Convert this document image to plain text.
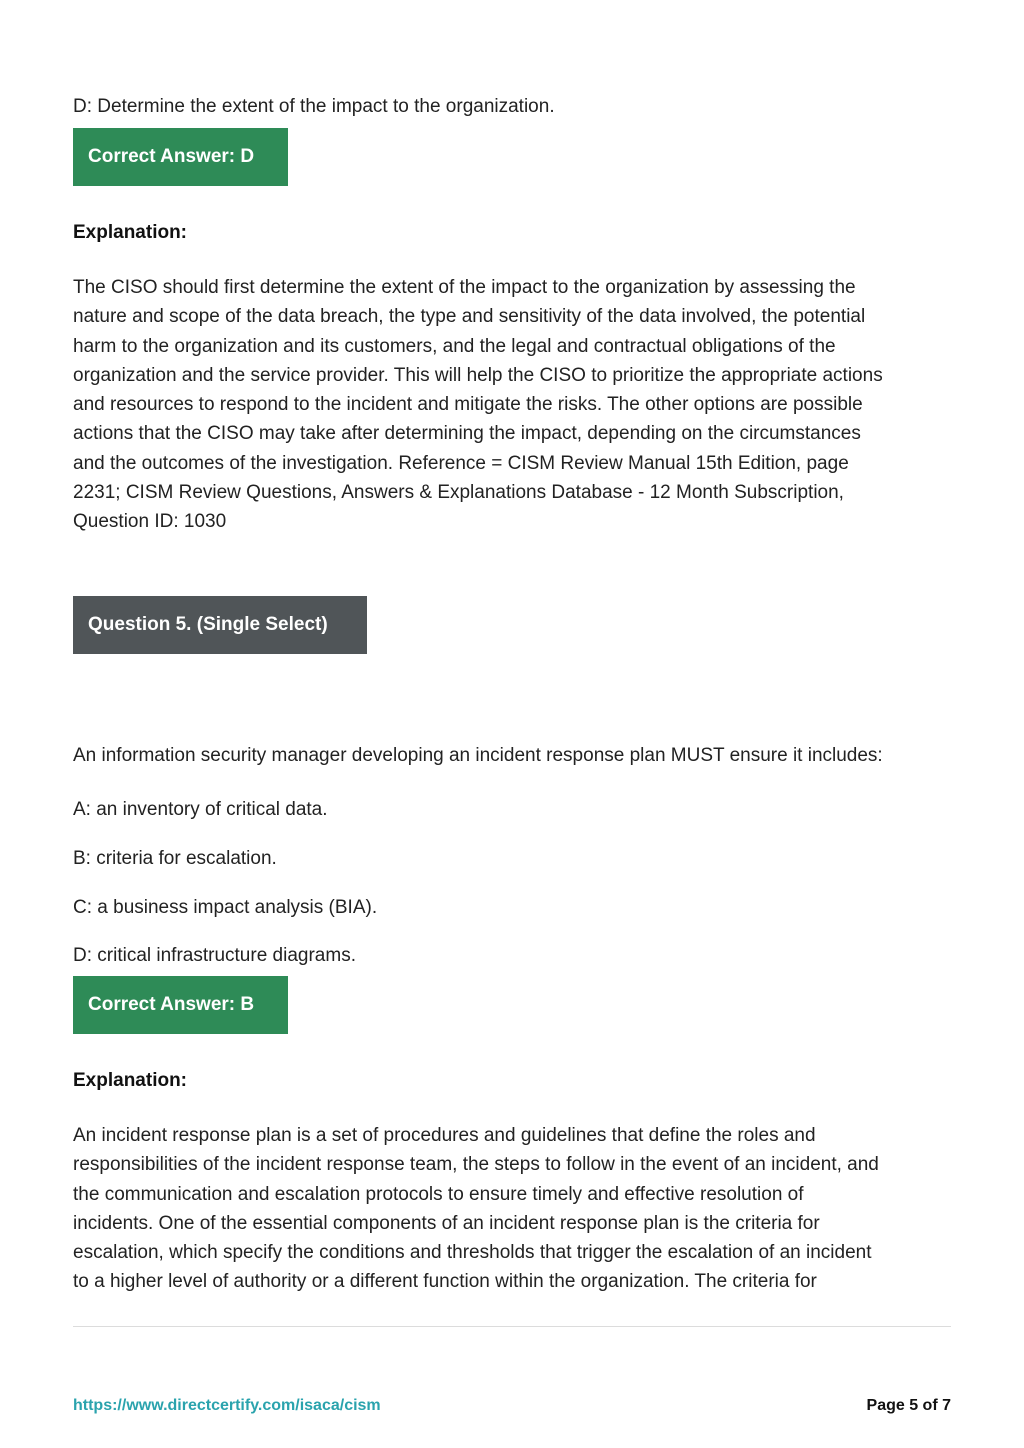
D: Determine the extent of the impact to the organization.
Correct Answer: D
Explanation:
The CISO should first determine the extent of the impact to the organization by assessing the
nature and scope of the data breach, the type and sensitivity of the data involved, the potential
harm to the organization and its customers, and the legal and contractual obligations of the
organization and the service provider. This will help the CISO to prioritize the appropriate actions
and resources to respond to the incident and mitigate the risks. The other options are possible
actions that the CISO may take after determining the impact, depending on the circumstances
and the outcomes of the investigation. Reference = CISM Review Manual 15th Edition, page
2231; CISM Review Questions, Answers & Explanations Database - 12 Month Subscription,
Question ID: 1030
Question 5. (Single Select)
An information security manager developing an incident response plan MUST ensure it includes:
A: an inventory of critical data.
B: criteria for escalation.
C: a business impact analysis (BIA).
D: critical infrastructure diagrams.
Correct Answer: B
Explanation:
An incident response plan is a set of procedures and guidelines that define the roles and
responsibilities of the incident response team, the steps to follow in the event of an incident, and
the communication and escalation protocols to ensure timely and effective resolution of
incidents. One of the essential components of an incident response plan is the criteria for
escalation, which specify the conditions and thresholds that trigger the escalation of an incident
to a higher level of authority or a different function within the organization. The criteria for
https://www.directcertify.com/isaca/cism	Page 5 of 7
